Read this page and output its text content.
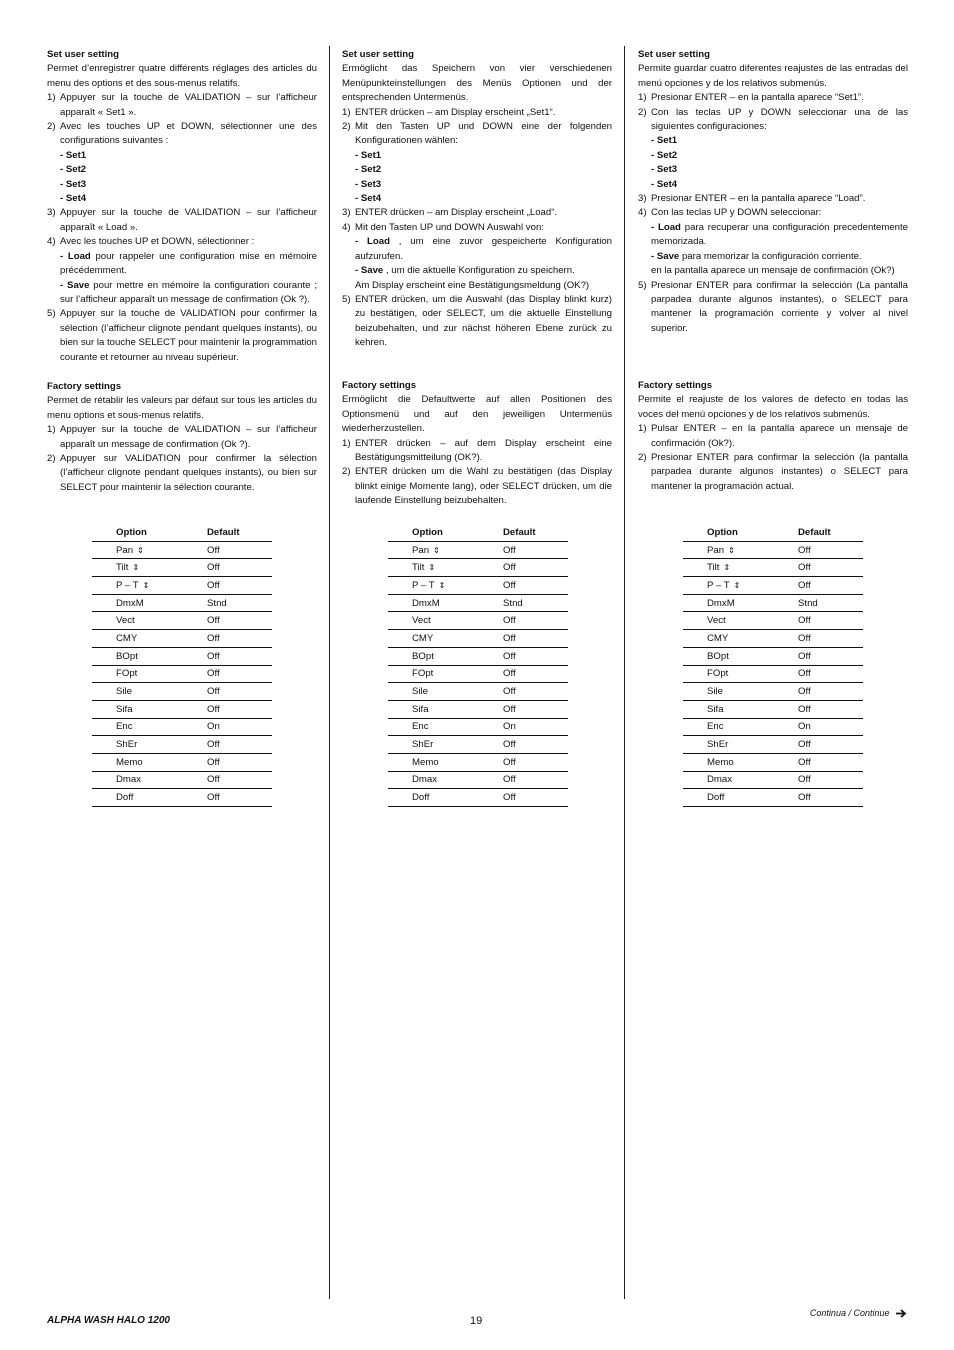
Set user setting

Permet d’enregistrer quatre différents réglages des articles du menu des options et des sous-menus relatifs.

1) Appuyer sur la touche de VALIDATION – sur l’afficheur apparaît « Set1 ».
2) Avec les touches UP et DOWN, sélectionner une des configurations suivantes :

- Set1

- Set2

- Set3

- Set4

3) Appuyer sur la touche de VALIDATION – sur l’afficheur apparaît « Load ».
4) Avec les touches UP et DOWN, sélectionner :

- Load pour rappeler une configuration mise en mémoire précédemment.

- Save pour mettre en mémoire la configuration courante ; sur l’afficheur apparaît un message de confirmation (Ok ?).

5) Appuyer sur la touche de VALIDATION pour confirmer la sélection (l’afficheur clignote pendant quelques instants), ou bien sur la touche SELECT pour maintenir la programmation courante et retourner au niveau supérieur.

Factory settings

Permet de rétablir les valeurs par défaut sur tous les articles du menu options et sous-menus relatifs.

1) Appuyer sur la touche de VALIDATION – sur l’afficheur apparaît un message de confirmation (Ok ?).
2) Appuyer sur VALIDATION pour confirmer la sélection (l’afficheur clignote pendant quelques instants), ou bien sur SELECT pour maintenir la sélection courante.

Set user setting

Ermöglicht das Speichern von vier verschiedenen Menüpunkteinstellungen des Menüs Optionen und der entsprechenden Untermenüs.

1) ENTER drücken – am Display erscheint „Set1“.
2) Mit den Tasten UP und DOWN eine der folgenden Konfigurationen wählen:

- Set1

- Set2

- Set3

- Set4

3) ENTER drücken – am Display erscheint „Load“.
4) Mit den Tasten UP und DOWN Auswahl von:

- Load , um eine zuvor gespeicherte Konfiguration aufzurufen.

- Save , um die aktuelle Konfiguration zu speichern.

Am Display erscheint eine Bestätigungsmeldung (OK?)

5) ENTER drücken, um die Auswahl (das Display blinkt kurz) zu bestätigen, oder SELECT, um die aktuelle Einstellung beizubehalten, und zur nächst höheren Ebene zurück zu kehren.

Factory settings

Ermöglicht die Defaultwerte auf allen Positionen des Optionsmenü und auf den jeweiligen Untermenüs wiederherzustellen.

1) ENTER drücken – auf dem Display erscheint eine Bestätigungsmitteilung (OK?).
2) ENTER drücken um die Wahl zu bestätigen (das Display blinkt einige Momente lang), oder SELECT drücken, um die laufende Einstellung beizubehalten.

Set user setting

Permite guardar cuatro diferentes reajustes de las entradas del menú opciones y de los relativos submenús.

1) Presionar ENTER – en la pantalla aparece “Set1”.
2) Con las teclas UP y DOWN seleccionar una de las siguientes configuraciones:

- Set1

- Set2

- Set3

- Set4

3) Presionar ENTER – en la pantalla aparece “Load”.
4) Con las teclas UP y DOWN seleccionar:

- Load para recuperar una configuración precedentemente memorizada.

- Save para memorizar la configuración corriente.

en la pantalla aparece un mensaje de confirmación (Ok?)

5) Presionar ENTER para confirmar la selección (La pantalla parpadea durante algunos instantes), o SELECT para mantener la programación corriente y volver al nivel superior.

Factory settings

Permite el reajuste de los valores de defecto en todas las voces del menú opciones y de los relativos submenús.

1) Pulsar ENTER – en la pantalla aparece un mensaje de confirmación (Ok?).
2) Presionar ENTER para confirmar la selección (la pantalla parpadea durante algunos instantes) o SELECT para mantener la programación actual.
Option	Default
Pan ⇕	Off
Tilt ⇕	Off
P – T ⇕	Off
DmxM	Stnd
Vect	Off
CMY	Off
BOpt	Off
FOpt	Off
Sile	Off
Sifa	Off
Enc	On
ShEr	Off
Memo	Off
Dmax	Off
Doff	Off
Option	Default
Pan ⇕	Off
Tilt ⇕	Off
P – T ⇕	Off
DmxM	Stnd
Vect	Off
CMY	Off
BOpt	Off
FOpt	Off
Sile	Off
Sifa	Off
Enc	On
ShEr	Off
Memo	Off
Dmax	Off
Doff	Off
Option	Default
Pan ⇕	Off
Tilt ⇕	Off
P – T ⇕	Off
DmxM	Stnd
Vect	Off
CMY	Off
BOpt	Off
FOpt	Off
Sile	Off
Sifa	Off
Enc	On
ShEr	Off
Memo	Off
Dmax	Off
Doff	Off
ALPHA WASH HALO 1200	19
Continua / Continue
